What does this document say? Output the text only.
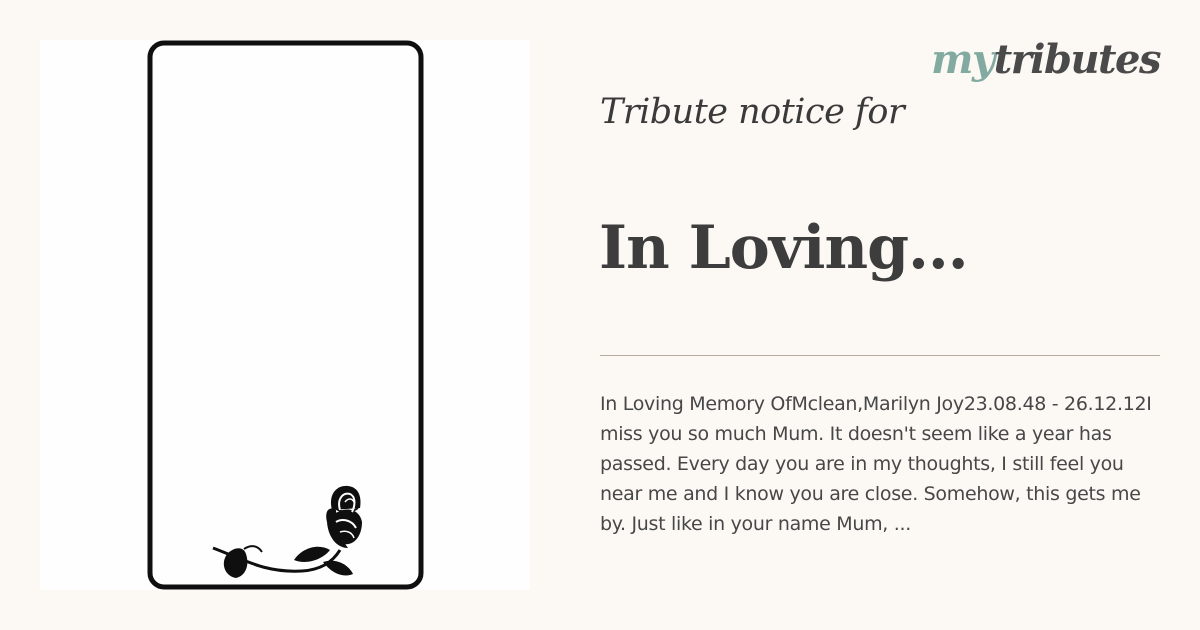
mytributes
Tribute notice for
In Loving...
In Loving Memory OfMclean,Marilyn Joy23.08.48 - 26.12.12I miss you so much Mum. It doesn't seem like a year has passed. Every day you are in my thoughts, I still feel you near me and I know you are close. Somehow, this gets me by. Just like in your name Mum, ...
